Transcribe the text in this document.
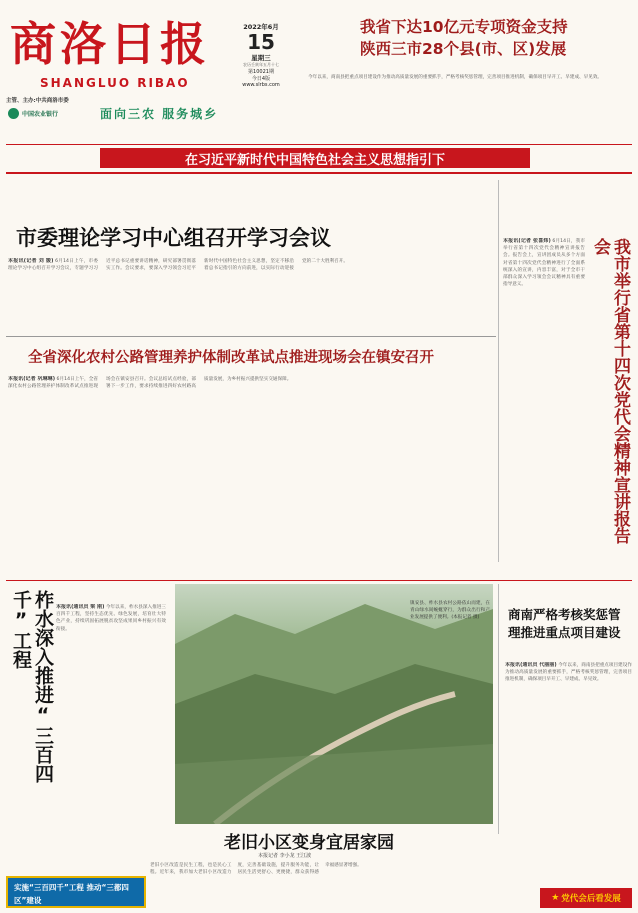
商洛日报
SHANGLUO RIBAO
主管、主办:中共商洛市委
中国农业银行	面向三农 服务城乡
2022年6月
15
星期三
农历壬寅年五月十七
第10021期
今日4版
www.slrbs.com
我省下达10亿元专项资金支持
陕西三市28个县(市、区)发展
今年以来，商南县把重点项目建设作为推动高质量发展的重要抓手，严格考核奖惩管理，完善项目推进机制，确保项目早开工、早建成、早见效。
在习近平新时代中国特色社会主义思想指引下
市委理论学习中心组召开学习会议
本报讯(记者 刘 媛) 6月14日上午，市委理论学习中心组召开学习会议，专题学习习近平总书记重要讲话精神，研究部署贯彻落实工作。会议要求，要深入学习领会习近平新时代中国特色社会主义思想，坚定不移沿着总书记指引的方向前进，以实际行动迎接党的二十大胜利召开。
全省深化农村公路管理养护体制改革试点推进现场会在镇安召开
本报讯(记者 巩琳琳) 6月14日上午，全省深化农村公路管理养护体制改革试点推进现场会在镇安县召开。会议总结试点经验，部署下一步工作，要求持续推进四好农村路高质量发展，为乡村振兴提供坚实交通保障。
本报讯(记者 张喜炜) 6月14日，我市举行省第十四次党代会精神宣讲报告会。报告会上，宣讲团成员从多个方面对省第十四次党代会精神进行了全面系统深入的宣讲，内容丰富，对于全市干部群众深入学习领会会议精神具有重要指导意义。	我市举行省第十四次党代会精神宣讲报告会
柞水深入推进“三百四千”工程	本报讯(通讯员 梁 刚) 今年以来，柞水县深入推进三百四千工程，坚持生态优先、绿色发展，培育壮大特色产业，持续巩固拓展脱贫攻坚成果同乡村振兴有效衔接。
镇安县、柞水县农村公路依山而建，在青山绿水间蜿蜒穿行，为群众出行和产业发展提供了便利。(本报记者 摄)	商南严格考核奖惩管理推进重点项目建设
本报讯(通讯员 代丽丽) 今年以来，商南县把重点项目建设作为推动高质量发展的重要抓手，严格考核奖惩管理，完善项目推进机制，确保项目早开工、早建成、早见效。
老旧小区变身宜居家园
本报记者 李小龙 王江波
老旧小区改造是民生工程，也是民心工程。近年来，我市加大老旧小区改造力度，完善基础设施，提升服务功能，让居民生活更舒心、更便捷，群众获得感幸福感显著增强。
实施“三百四千”工程 推动“三都四区”建设	★ 党代会后看发展
